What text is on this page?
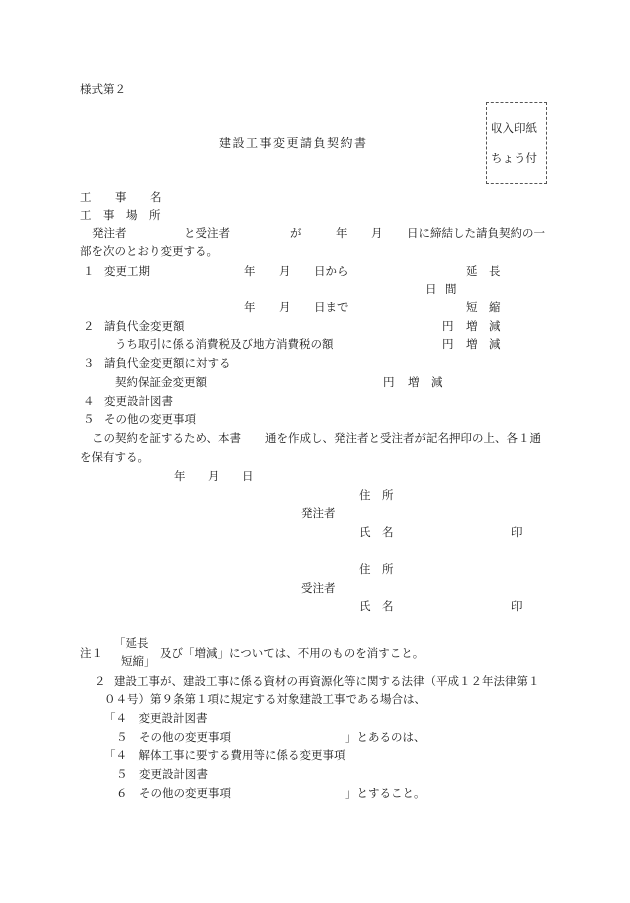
様式第２
収入印紙
ちょう付
建設工事変更請負契約書
工 事 名
工 事 場 所
発注者	と受注者	が	年 月 日に締結した請負契約の一
部を次のとおり変更する。
１ 変更工期	年 月 日から	延 長
日 間
年 月 日まで	短 縮
２ 請負代金変更額	円 増　減
うち取引に係る消費税及び地方消費税の額	円 増　減
３ 請負代金変更額に対する
契約保証金変更額	円 増　減
４ 変更設計図書
５ その他の変更事項
この契約を証するため、本書 通を作成し、発注者と受注者が記名押印の上、各１通
を保有する。
年 月 日
住　所
発注者
氏　名	印
住　所
受注者
氏　名	印
注１
「延長
短縮」
及び「増減」については、不用のものを消すこと。
２ 建設工事が、建設工事に係る資材の再資源化等に関する法律（平成１２年法律第１
０４号）第９条第１項に規定する対象建設工事である場合は、
「４　変更設計図書
５　その他の変更事項	」とあるのは、
「４　解体工事に要する費用等に係る変更事項
５　変更設計図書
６　その他の変更事項	」とすること。
